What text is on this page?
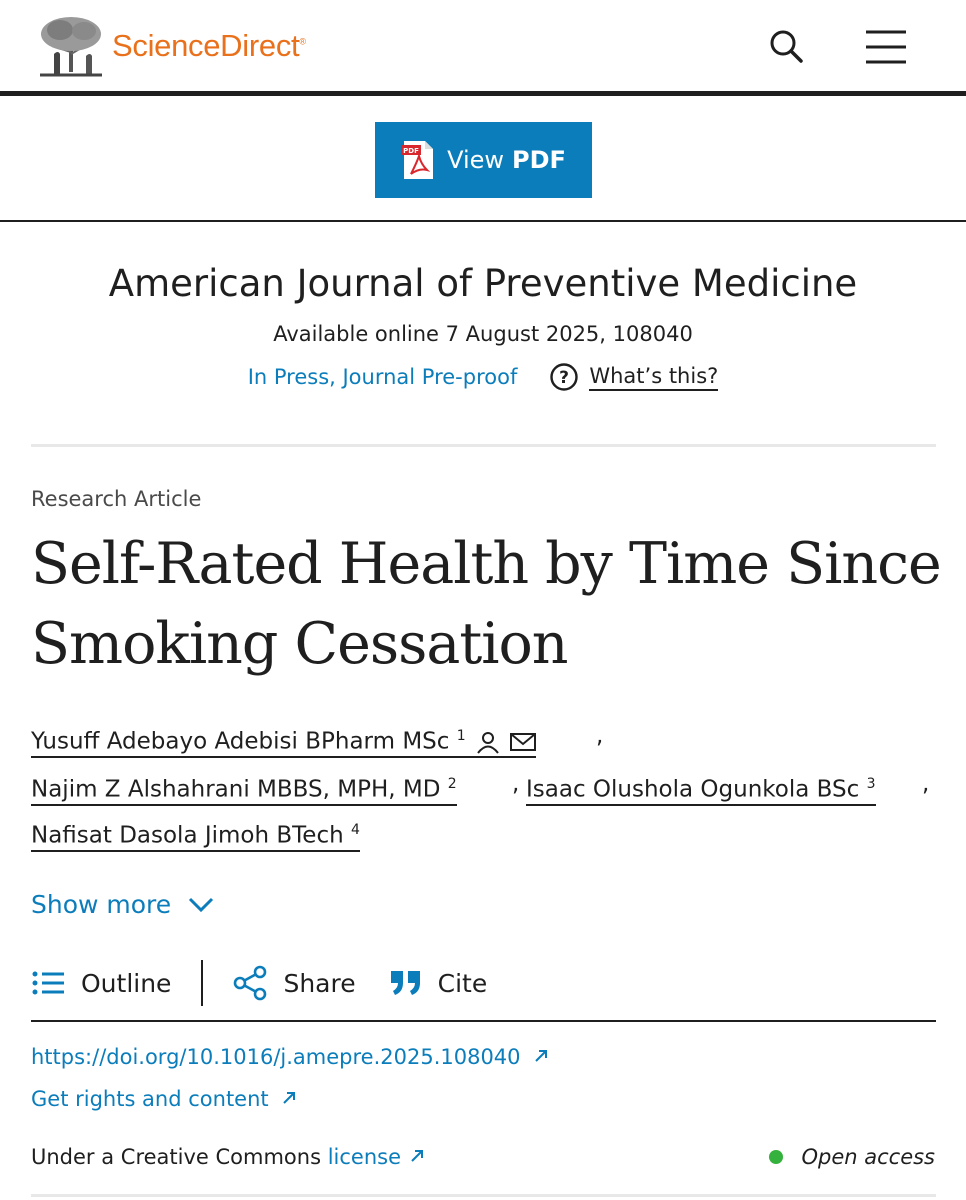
ScienceDirect®
PDF View PDF
American Journal of Preventive Medicine
Available online 7 August 2025, 108040
In Press, Journal Pre-proof ? What’s this?
Research Article
Self-Rated Health by Time Since Smoking Cessation
Yusuff Adebayo Adebisi BPharm MSc $^1$	,
Najim Z Alshahrani MBBS, MPH, MD $^2$ , Isaac Olushola Ogunkola BSc $^3$ ,
Nafisat Dasola Jimoh BTech $^4$
Show more
Outline	Share	Cite
https://doi.org/10.1016/j.amepre.2025.108040
Get rights and content
Under a Creative Commons license	Open access
